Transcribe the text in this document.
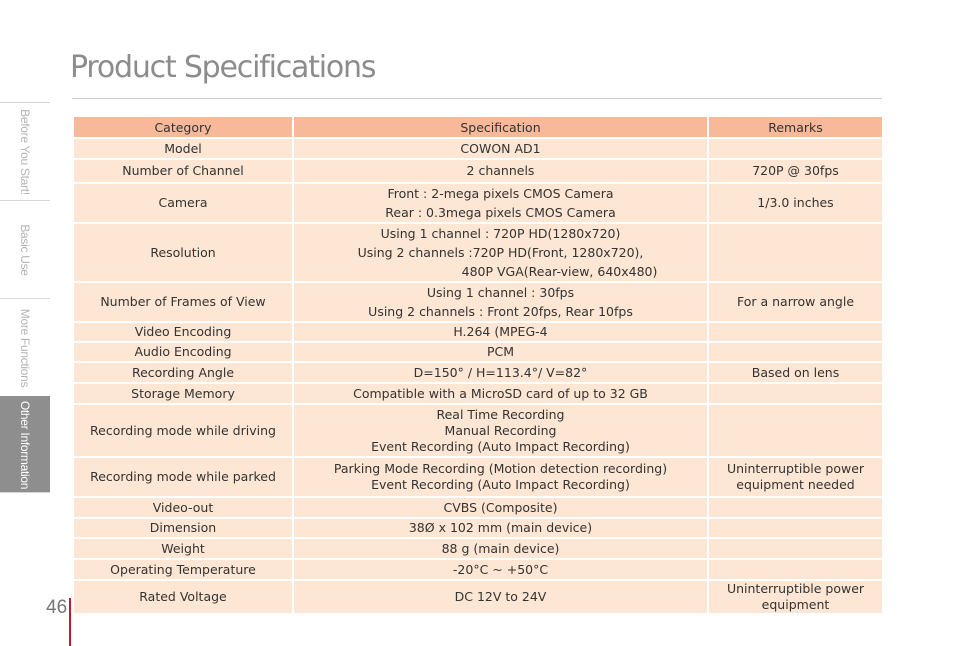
Product Specifications
Before You Start!
Basic Use
More Functions
Other Information
Category	Specification	Remarks
Model	COWON AD1	

Number of Channel	2 channels	720P @ 30fps

Camera	Front : 2-mega pixels CMOS Camera
Rear : 0.3mega pixels CMOS Camera	1/3.0 inches

Resolution	Using 1 channel : 720P HD(1280x720)
Using 2 channels :720P HD(Front, 1280x720),
480P VGA(Rear-view, 640x480)	

Number of Frames of View	Using 1 channel : 30fps
Using 2 channels : Front 20fps, Rear 10fps	For a narrow angle

Video Encoding	H.264 (MPEG-4	

Audio Encoding	PCM	

Recording Angle	D=150° / H=113.4°/ V=82°	Based on lens

Storage Memory	Compatible with a MicroSD card of up to 32 GB	

Recording mode while driving	Real Time Recording
Manual Recording
Event Recording (Auto Impact Recording)	

Recording mode while parked	Parking Mode Recording (Motion detection recording)
Event Recording (Auto Impact Recording)	Uninterruptible power
equipment needed

Video-out	CVBS (Composite)	

Dimension	38Ø x 102 mm (main device)	

Weight	88 g (main device)	

Operating Temperature	-20°C ~ +50°C	

Rated Voltage	DC 12V to 24V	Uninterruptible power
equipment
46
